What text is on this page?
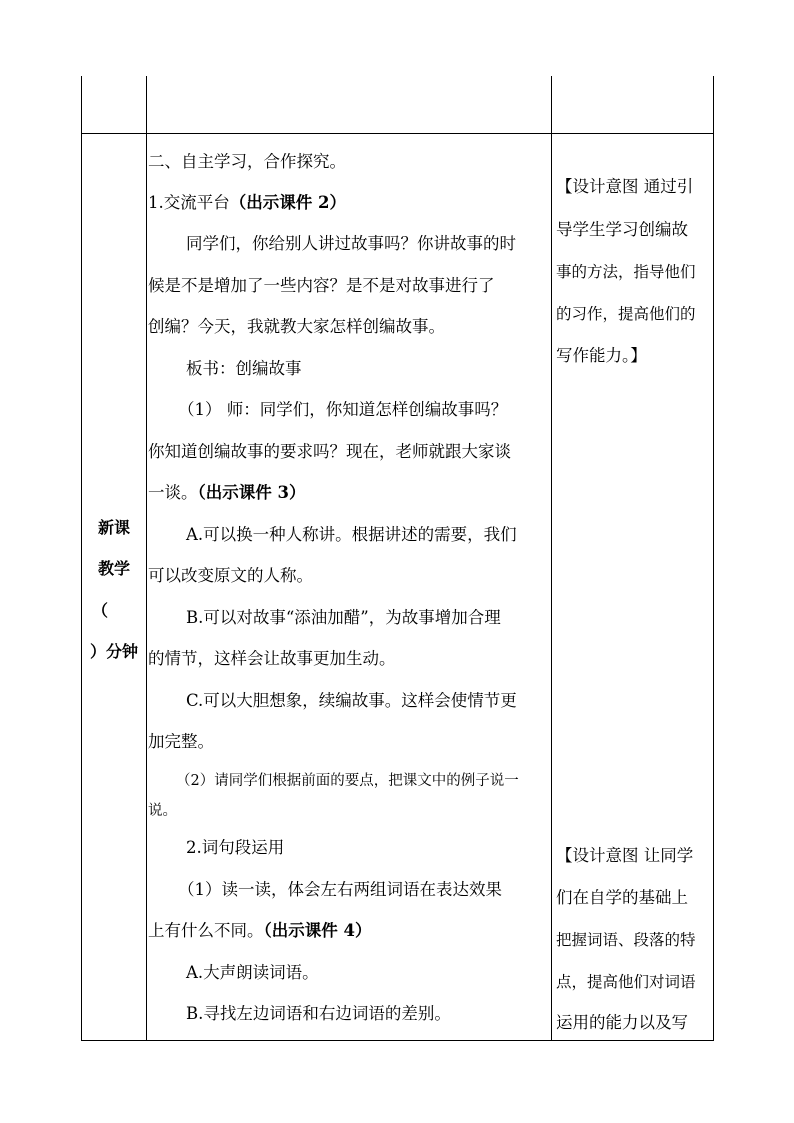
新课
教学
（
）分钟
二、自主学习，合作探究。
1.交流平台（出示课件 2）
同学们，你给别人讲过故事吗？你讲故事的时
候是不是增加了一些内容？是不是对故事进行了
创编？今天，我就教大家怎样创编故事。
板书：创编故事
（1） 师：同学们，你知道怎样创编故事吗？
你知道创编故事的要求吗？现在，老师就跟大家谈
一谈。（出示课件 3）
A.可以换一种人称讲。根据讲述的需要，我们
可以改变原文的人称。
B.可以对故事“添油加醋”，为故事增加合理
的情节，这样会让故事更加生动。
C.可以大胆想象，续编故事。这样会使情节更
加完整。
（2）请同学们根据前面的要点，把课文中的例子说一
说。
2.词句段运用
（1）读一读，体会左右两组词语在表达效果
上有什么不同。（出示课件 4）
A.大声朗读词语。
B.寻找左边词语和右边词语的差别。
【设计意图 通过引
导学生学习创编故
事的方法，指导他们
的习作，提高他们的
写作能力。】
【设计意图 让同学
们在自学的基础上
把握词语、段落的特
点，提高他们对词语
运用的能力以及写
